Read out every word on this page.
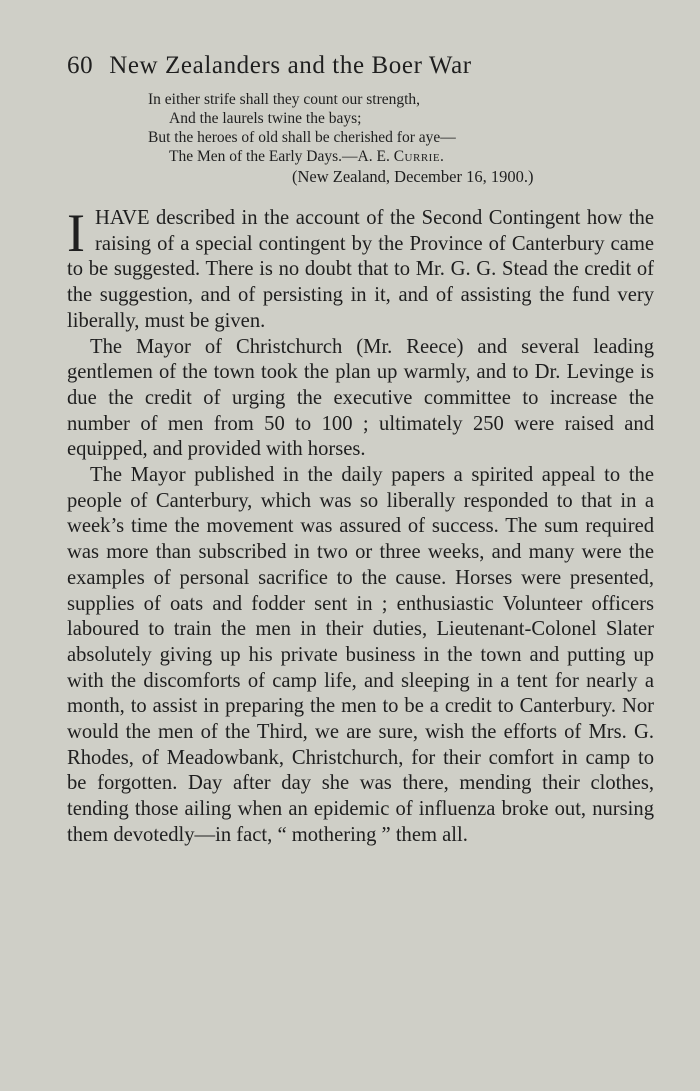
60 New Zealanders and the Boer War
In either strife shall they count our strength,
And the laurels twine the bays;
But the heroes of old shall be cherished for aye—
The Men of the Early Days.—A. E. Currie.
(New Zealand, December 16, 1900.)

IHAVE described in the account of the Second Contingent how the raising of a special contingent by the Province of Canterbury came to be suggested. There is no doubt that to Mr. G. G. Stead the credit of the suggestion, and of persisting in it, and of assisting the fund very liberally, must be given.

The Mayor of Christchurch (Mr. Reece) and several leading gentlemen of the town took the plan up warmly, and to Dr. Levinge is due the credit of urging the executive committee to increase the number of men from 50 to 100 ; ultimately 250 were raised and equipped, and provided with horses.

The Mayor published in the daily papers a spirited appeal to the people of Canterbury, which was so liberally responded to that in a week’s time the movement was assured of success. The sum required was more than subscribed in two or three weeks, and many were the examples of personal sacrifice to the cause. Horses were presented, supplies of oats and fodder sent in ; enthusiastic Volunteer officers laboured to train the men in their duties, Lieutenant-Colonel Slater absolutely giving up his private business in the town and putting up with the discomforts of camp life, and sleeping in a tent for nearly a month, to assist in preparing the men to be a credit to Canterbury. Nor would the men of the Third, we are sure, wish the efforts of Mrs. G. Rhodes, of Meadowbank, Christchurch, for their comfort in camp to be forgotten. Day after day she was there, mending their clothes, tending those ailing when an epidemic of influenza broke out, nursing them devotedly—in fact, “ mothering ” them all.
